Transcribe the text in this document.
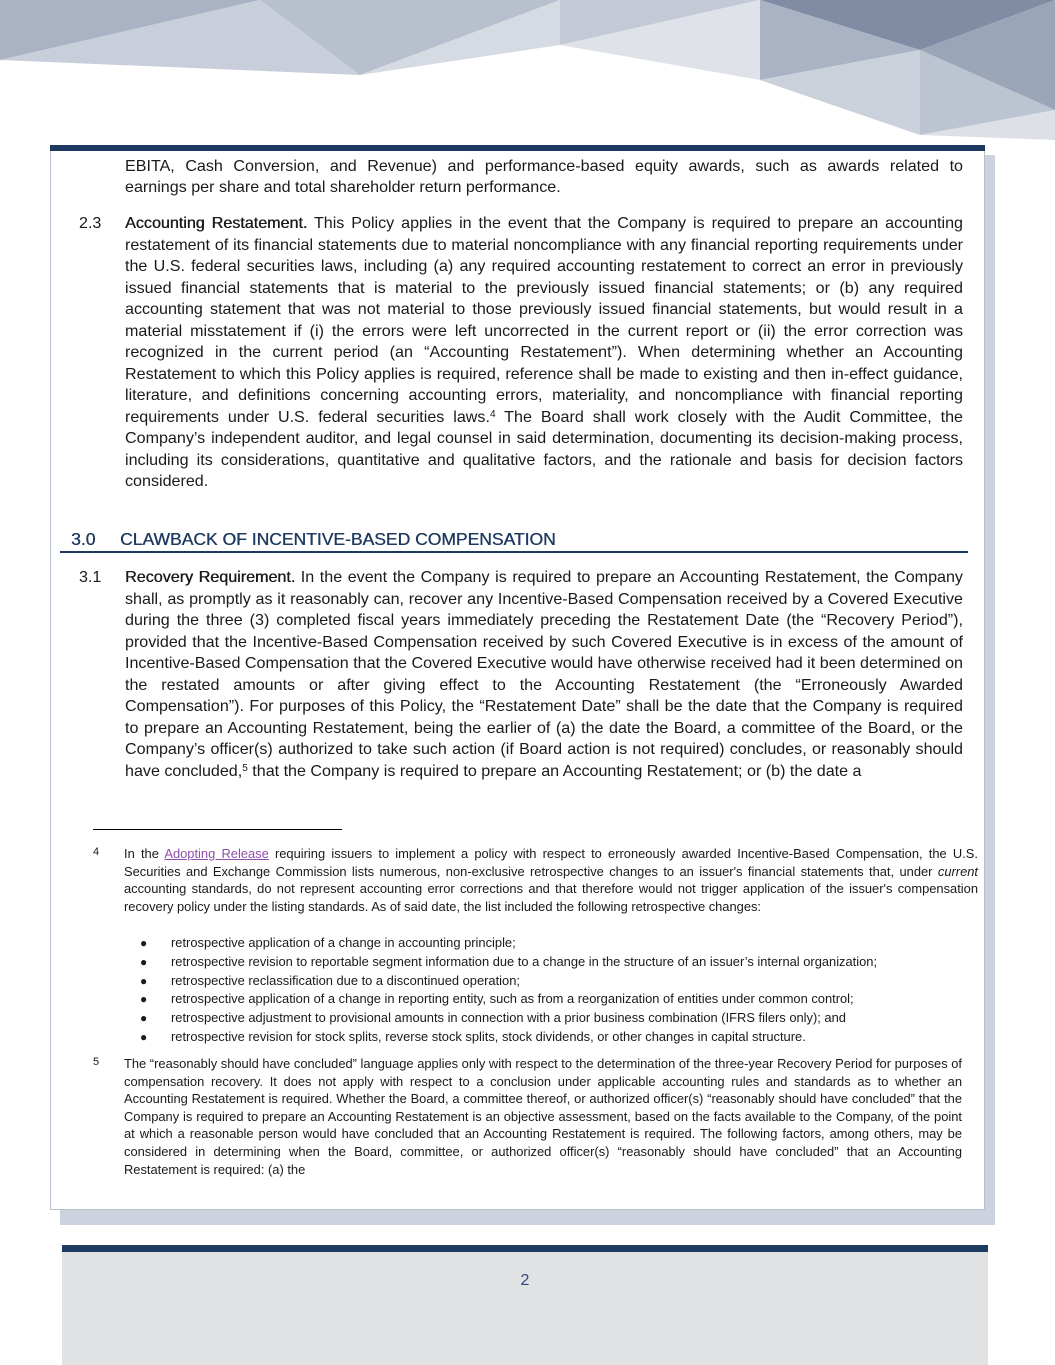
EBITA, Cash Conversion, and Revenue) and performance-based equity awards, such as awards related to

earnings per share and total shareholder return performance.

2.3 Accounting Restatement. This Policy applies in the event that the Company is required to prepare an accounting restatement of its financial statements due to material noncompliance with any financial reporting requirements under the U.S. federal securities laws, including (a) any required accounting restatement to correct an error in previously issued financial statements that is material to the previously issued financial statements; or (b) any required accounting statement that was not material to those previously issued financial statements, but would result in a material misstatement if (i) the errors were left uncorrected in the current report or (ii) the error correction was recognized in the current period (an “Accounting Restatement”). When determining whether an Accounting Restatement to which this Policy applies is required, reference shall be made to existing and then in-effect guidance, literature, and definitions concerning accounting errors, materiality, and noncompliance with financial reporting requirements under U.S. federal securities laws.$^4$ The Board shall work closely with the Audit Committee, the Company’s independent auditor, and legal counsel in said determination, documenting its decision-making process, including its considerations, quantitative and qualitative factors, and the rationale and basis for decision factors considered.

3.0 CLAWBACK OF INCENTIVE-BASED COMPENSATION
3.1 Recovery Requirement. In the event the Company is required to prepare an Accounting Restatement, the Company shall, as promptly as it reasonably can, recover any Incentive-Based Compensation received by a Covered Executive during the three (3) completed fiscal years immediately preceding the Restatement Date (the “Recovery Period”), provided that the Incentive-Based Compensation received by such Covered Executive is in excess of the amount of Incentive-Based Compensation that the Covered Executive would have otherwise received had it been determined on the restated amounts or after giving effect to the Accounting Restatement (the “Erroneously Awarded Compensation”). For purposes of this Policy, the “Restatement Date” shall be the date that the Company is required to prepare an Accounting Restatement, being the earlier of (a) the date the Board, a committee of the Board, or the Company’s officer(s) authorized to take such action (if Board action is not required) concludes, or reasonably should have concluded,$^5$ that the Company is required to prepare an Accounting Restatement; or (b) the date a

4 In the Adopting Release requiring issuers to implement a policy with respect to erroneously awarded Incentive-Based Compensation, the U.S. Securities and Exchange Commission lists numerous, non-exclusive retrospective changes to an issuer's financial statements that, under current accounting standards, do not represent accounting error corrections and that therefore would not trigger application of the issuer's compensation recovery policy under the listing standards. As of said date, the list included the following retrospective changes:

● retrospective application of a change in accounting principle;
● retrospective revision to reportable segment information due to a change in the structure of an issuer’s internal organization;
● retrospective reclassification due to a discontinued operation;
● retrospective application of a change in reporting entity, such as from a reorganization of entities under common control;
● retrospective adjustment to provisional amounts in connection with a prior business combination (IFRS filers only); and
● retrospective revision for stock splits, reverse stock splits, stock dividends, or other changes in capital structure.
5 The “reasonably should have concluded” language applies only with respect to the determination of the three-year Recovery Period for purposes of compensation recovery. It does not apply with respect to a conclusion under applicable accounting rules and standards as to whether an Accounting Restatement is required. Whether the Board, a committee thereof, or authorized officer(s) “reasonably should have concluded” that the Company is required to prepare an Accounting Restatement is an objective assessment, based on the facts available to the Company, of the point at which a reasonable person would have concluded that an Accounting Restatement is required. The following factors, among others, may be considered in determining when the Board, committee, or authorized officer(s) “reasonably should have concluded” that an Accounting Restatement is required: (a) the

2
